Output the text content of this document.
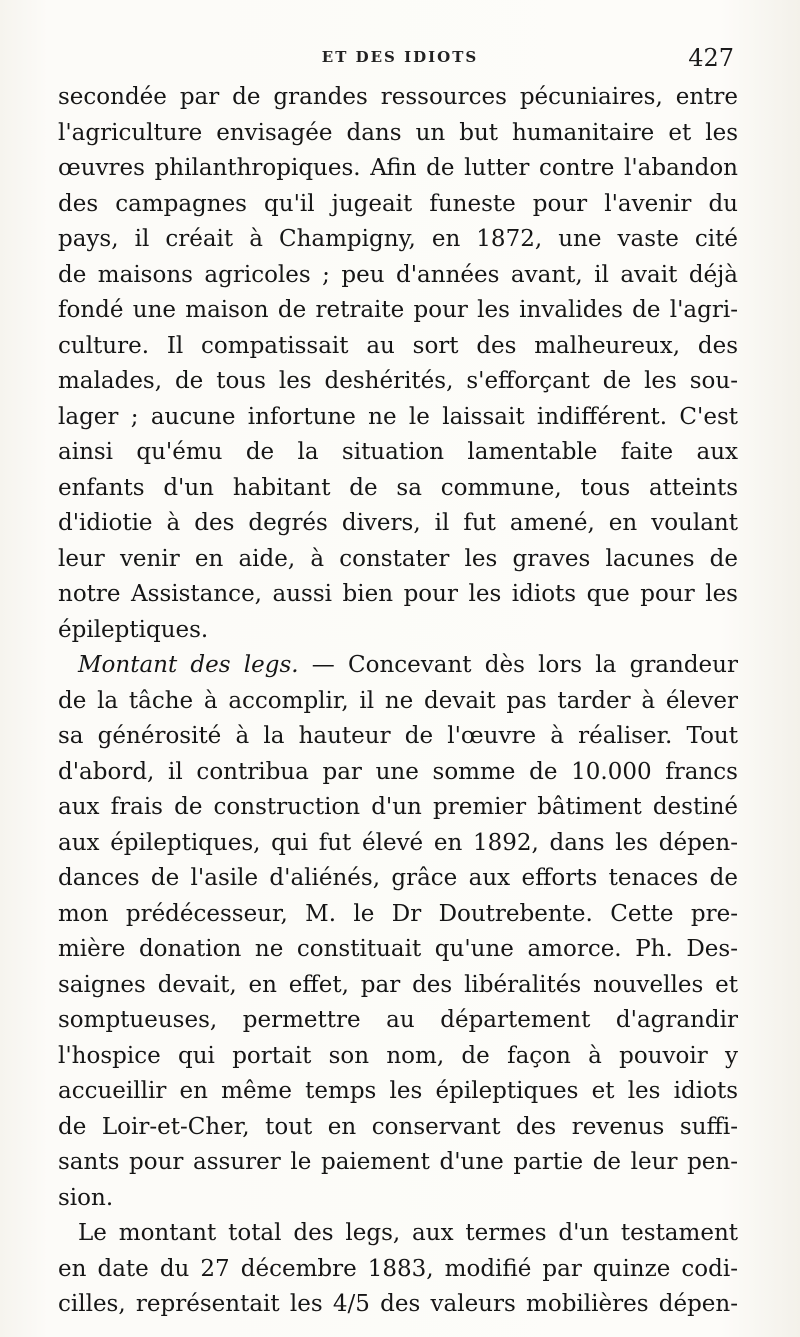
ET DES IDIOTS	427
secondée par de grandes ressources pécuniaires, entre
l'agriculture envisagée dans un but humanitaire et les
œuvres philanthropiques. Afin de lutter contre l'abandon
des campagnes qu'il jugeait funeste pour l'avenir du
pays, il créait à Champigny, en 1872, une vaste cité
de maisons agricoles ; peu d'années avant, il avait déjà
fondé une maison de retraite pour les invalides de l'agri-
culture. Il compatissait au sort des malheureux, des
malades, de tous les deshérités, s'efforçant de les sou-
lager ; aucune infortune ne le laissait indifférent. C'est
ainsi qu'ému de la situation lamentable faite aux
enfants d'un habitant de sa commune, tous atteints
d'idiotie à des degrés divers, il fut amené, en voulant
leur venir en aide, à constater les graves lacunes de
notre Assistance, aussi bien pour les idiots que pour les
épileptiques.
Montant des legs. — Concevant dès lors la grandeur
de la tâche à accomplir, il ne devait pas tarder à élever
sa générosité à la hauteur de l'œuvre à réaliser. Tout
d'abord, il contribua par une somme de 10.000 francs
aux frais de construction d'un premier bâtiment destiné
aux épileptiques, qui fut élevé en 1892, dans les dépen-
dances de l'asile d'aliénés, grâce aux efforts tenaces de
mon prédécesseur, M. le Dr Doutrebente. Cette pre-
mière donation ne constituait qu'une amorce. Ph. Des-
saignes devait, en effet, par des libéralités nouvelles et
somptueuses, permettre au département d'agrandir
l'hospice qui portait son nom, de façon à pouvoir y
accueillir en même temps les épileptiques et les idiots
de Loir-et-Cher, tout en conservant des revenus suffi-
sants pour assurer le paiement d'une partie de leur pen-
sion.
Le montant total des legs, aux termes d'un testament
en date du 27 décembre 1883, modifié par quinze codi-
cilles, représentait les 4/5 des valeurs mobilières dépen-
